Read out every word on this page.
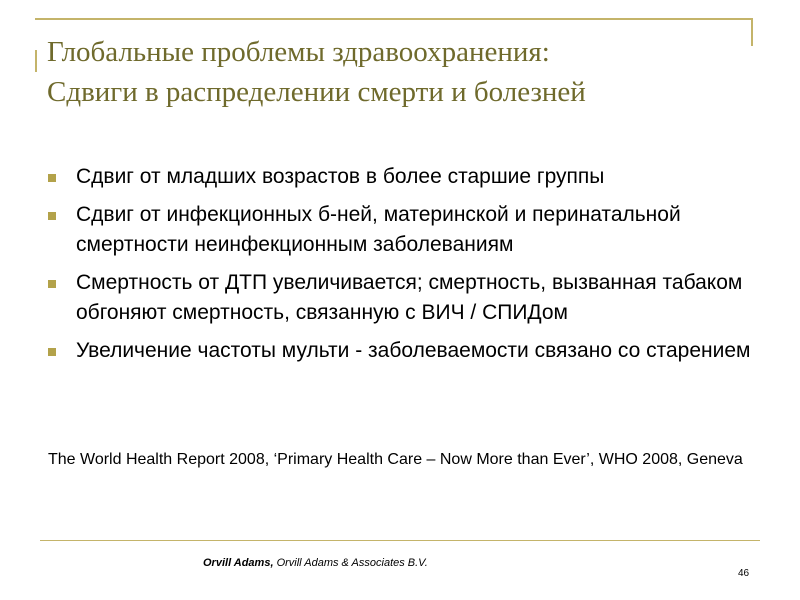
Глобальные проблемы здравоохранения:
Сдвиги в распределении смерти и болезней
Сдвиг от младших возрастов в более старшие группы
Сдвиг от инфекционных б-ней, материнской и перинатальной смертности неинфекционным заболеваниям
Смертность от ДТП увеличивается; смертность, вызванная табаком обгоняют смертность, связанную с ВИЧ / СПИДом
Увеличение частоты мульти - заболеваемости связано со старением
The World Health Report 2008, ‘Primary Health Care – Now More than Ever’, WHO 2008, Geneva
Orvill Adams, Orvill Adams & Associates B.V.
46
